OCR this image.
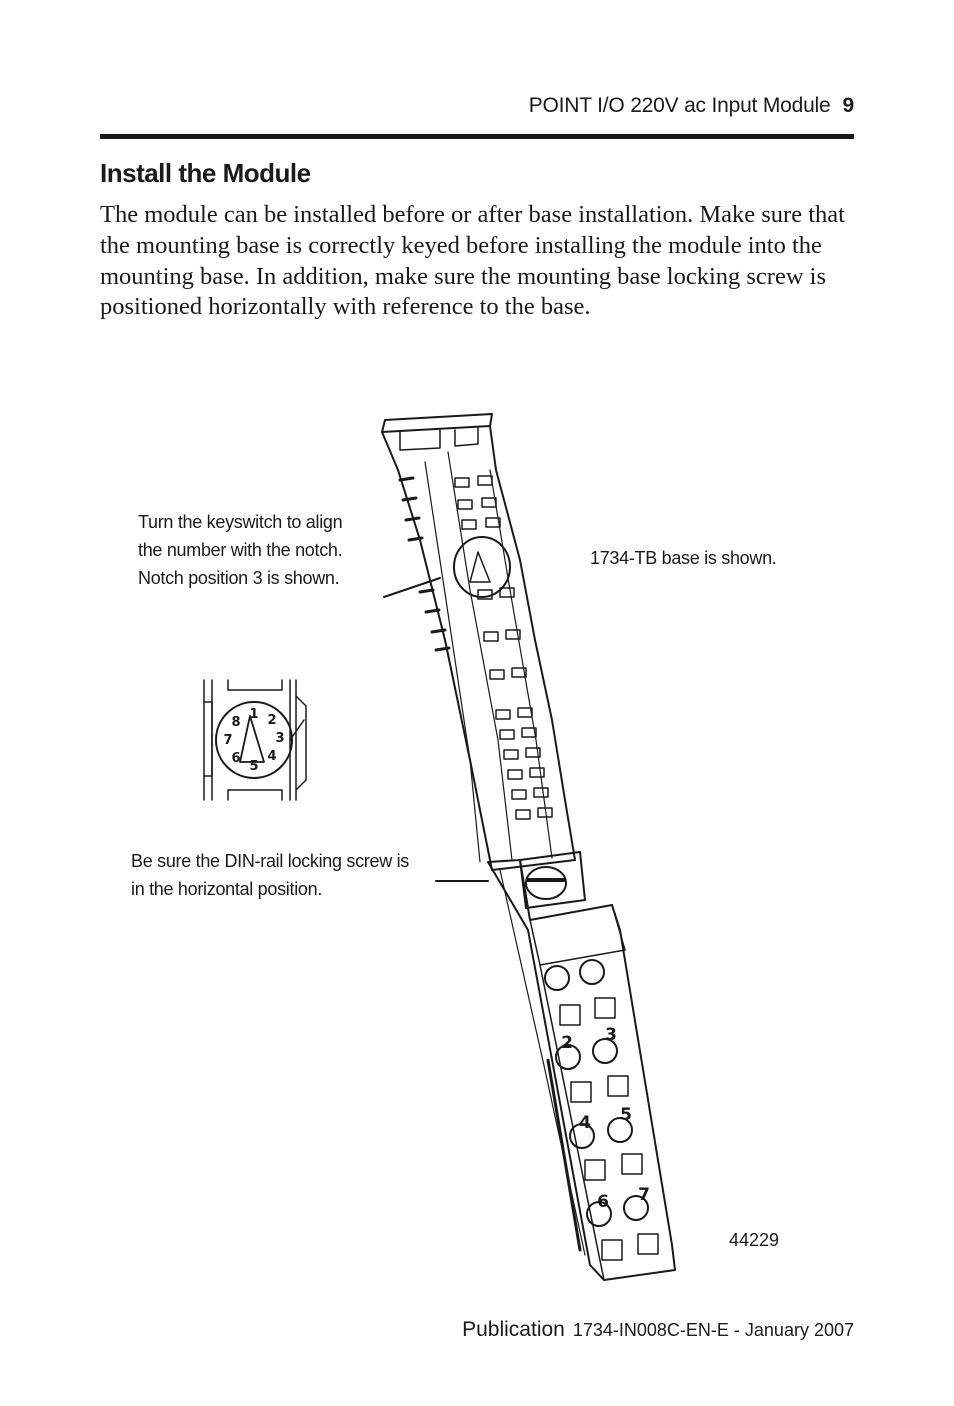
POINT I/O 220V ac Input Module 9
Install the Module

The module can be installed before or after base installation. Make sure that the mounting base is correctly keyed before installing the module into the mounting base. In addition, make sure the mounting base locking screw is positioned horizontally with reference to the base.

Turn the keyswitch to align
the number with the notch.
Notch position 3 is shown.
1734-TB base is shown.
Be sure the DIN-rail locking screw is
in the horizontal position.
44229
1 2
3
4
5
6
7
8
2 3
4 5
6 7
Publication 1734-IN008C-EN-E - January 2007
